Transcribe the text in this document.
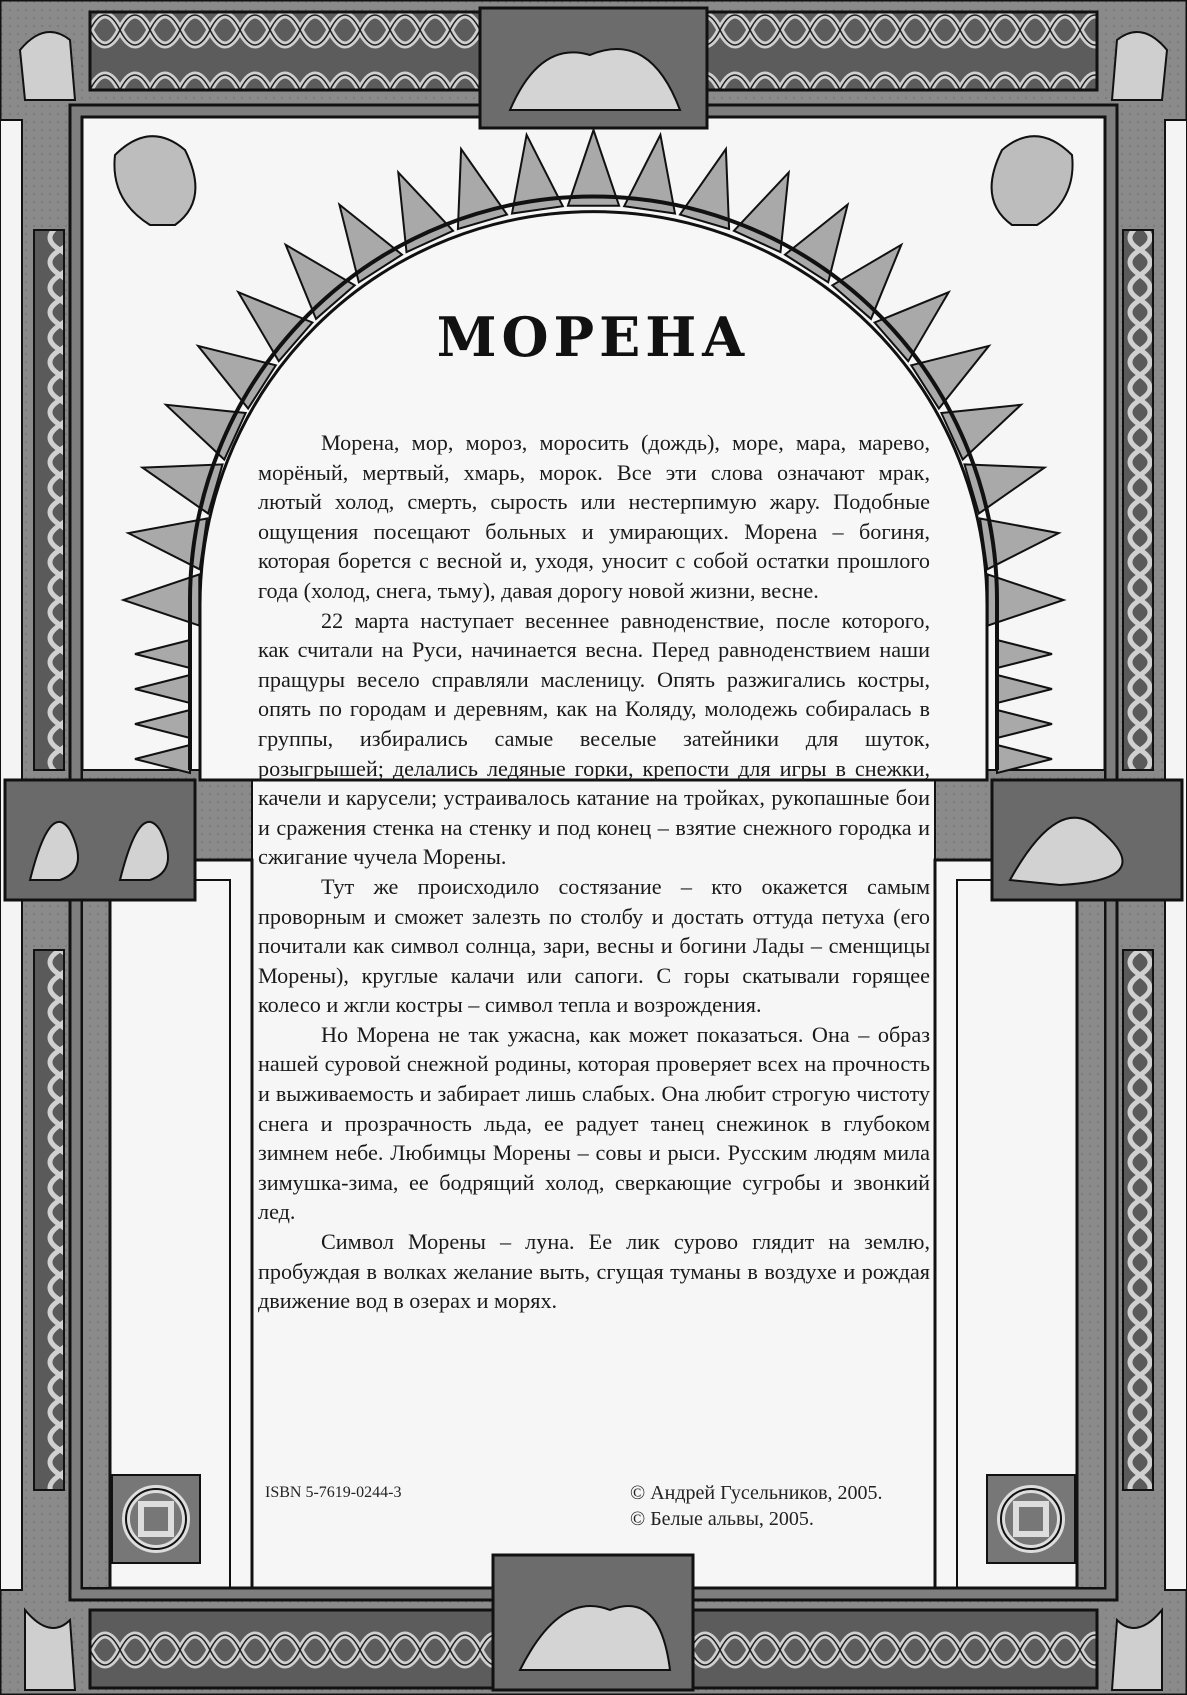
МОРЕНА

Морена, мор, мороз, моросить (дождь), море, мара, марево, морёный, мертвый, хмарь, морок. Все эти слова означают мрак, лютый холод, смерть, сырость или нестерпимую жару. Подобные ощущения посещают больных и умирающих. Морена – богиня, которая борется с весной и, уходя, уносит с собой остатки прошлого года (холод, снега, тьму), давая дорогу новой жизни, весне.

22 марта наступает весеннее равноденствие, после которого, как считали на Руси, начинается весна. Перед равноденствием наши пращуры весело справляли масленицу. Опять разжигались костры, опять по городам и деревням, как на Коляду, молодежь собиралась в группы, избирались самые веселые затейники для шуток, розыгрышей; делались ледяные горки, крепости для игры в снежки, качели и карусели; устраивалось катание на тройках, рукопашные бои и сражения стенка на стенку и под конец – взятие снежного городка и сжигание чучела Морены.

Тут же происходило состязание – кто окажется самым проворным и сможет залезть по столбу и достать оттуда петуха (его почитали как символ солнца, зари, весны и богини Лады – сменщицы Морены), круглые калачи или сапоги. С горы скатывали горящее колесо и жгли костры – символ тепла и возрождения.

Но Морена не так ужасна, как может показаться. Она – образ нашей суровой снежной родины, которая проверяет всех на прочность и выживаемость и забирает лишь слабых. Она любит строгую чистоту снега и прозрачность льда, ее радует танец снежинок в глубоком зимнем небе. Любимцы Морены – совы и рыси. Русским людям мила зимушка-зима, ее бодрящий холод, сверкающие сугробы и звонкий лед.

Символ Морены – луна. Ее лик сурово глядит на землю, пробуждая в волках желание выть, сгущая туманы в воздухе и рождая движение вод в озерах и морях.

ISBN 5-7619-0244-3	© Андрей Гусельников, 2005.
© Белые альвы, 2005.
